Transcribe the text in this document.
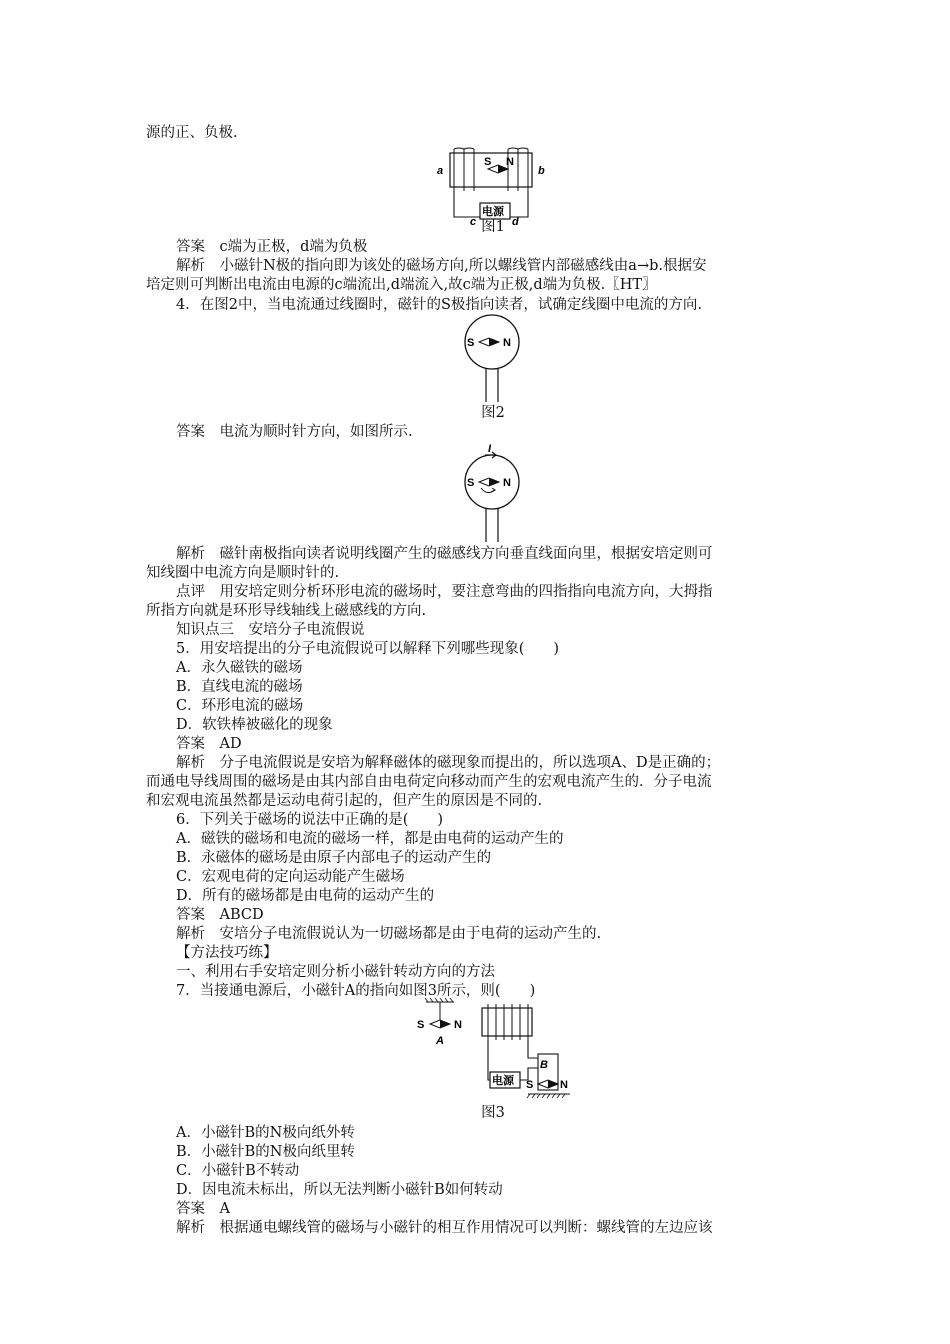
源的正、负极.
S N
a	b
电源
c	d
图1
答案　c端为正极，d端为负极
解析　小磁针N极的指向即为该处的磁场方向,所以螺线管内部磁感线由a→b.根据安
培定则可判断出电流由电源的c端流出,d端流入,故c端为正极,d端为负极.〖HT〗
4．在图2中，当电流通过线圈时，磁针的S极指向读者，试确定线圈中电流的方向.
S	N
图2
答案　电流为顺时针方向，如图所示.
I
S	N
解析　磁针南极指向读者说明线圈产生的磁感线方向垂直线面向里，根据安培定则可
知线圈中电流方向是顺时针的.
点评　用安培定则分析环形电流的磁场时，要注意弯曲的四指指向电流方向，大拇指
所指方向就是环形导线轴线上磁感线的方向.
知识点三　安培分子电流假说
5．用安培提出的分子电流假说可以解释下列哪些现象(　　)
A．永久磁铁的磁场
B．直线电流的磁场
C．环形电流的磁场
D．软铁棒被磁化的现象
答案　AD
解析　分子电流假说是安培为解释磁体的磁现象而提出的，所以选项A、D是正确的；
而通电导线周围的磁场是由其内部自由电荷定向移动而产生的宏观电流产生的．分子电流
和宏观电流虽然都是运动电荷引起的，但产生的原因是不同的.
6．下列关于磁场的说法中正确的是(　　)
A．磁铁的磁场和电流的磁场一样，都是由电荷的运动产生的
B．永磁体的磁场是由原子内部电子的运动产生的
C．宏观电荷的定向运动能产生磁场
D．所有的磁场都是由电荷的运动产生的
答案　ABCD
解析　安培分子电流假说认为一切磁场都是由于电荷的运动产生的.
【方法技巧练】
一、利用右手安培定则分析小磁针转动方向的方法
7．当接通电源后，小磁针A的指向如图3所示，则(　　)
S	N
A
B
电源 S N
图3
A．小磁针B的N极向纸外转
B．小磁针B的N极向纸里转
C．小磁针B不转动
D．因电流未标出，所以无法判断小磁针B如何转动
答案　A
解析　根据通电螺线管的磁场与小磁针的相互作用情况可以判断：螺线管的左边应该
